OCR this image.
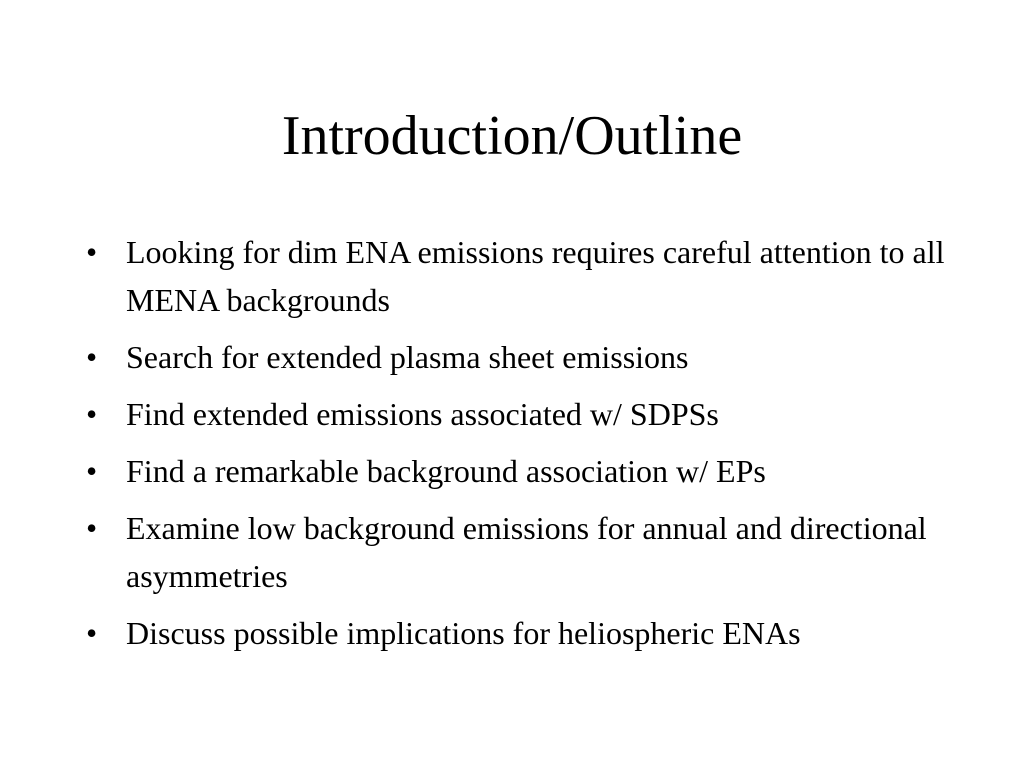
Introduction/Outline
• Looking for dim ENA emissions requires careful attention to all MENA backgrounds
• Search for extended plasma sheet emissions
• Find extended emissions associated w/ SDPSs
• Find a remarkable background association w/ EPs
• Examine low background emissions for annual and directional asymmetries
• Discuss possible implications for heliospheric ENAs
